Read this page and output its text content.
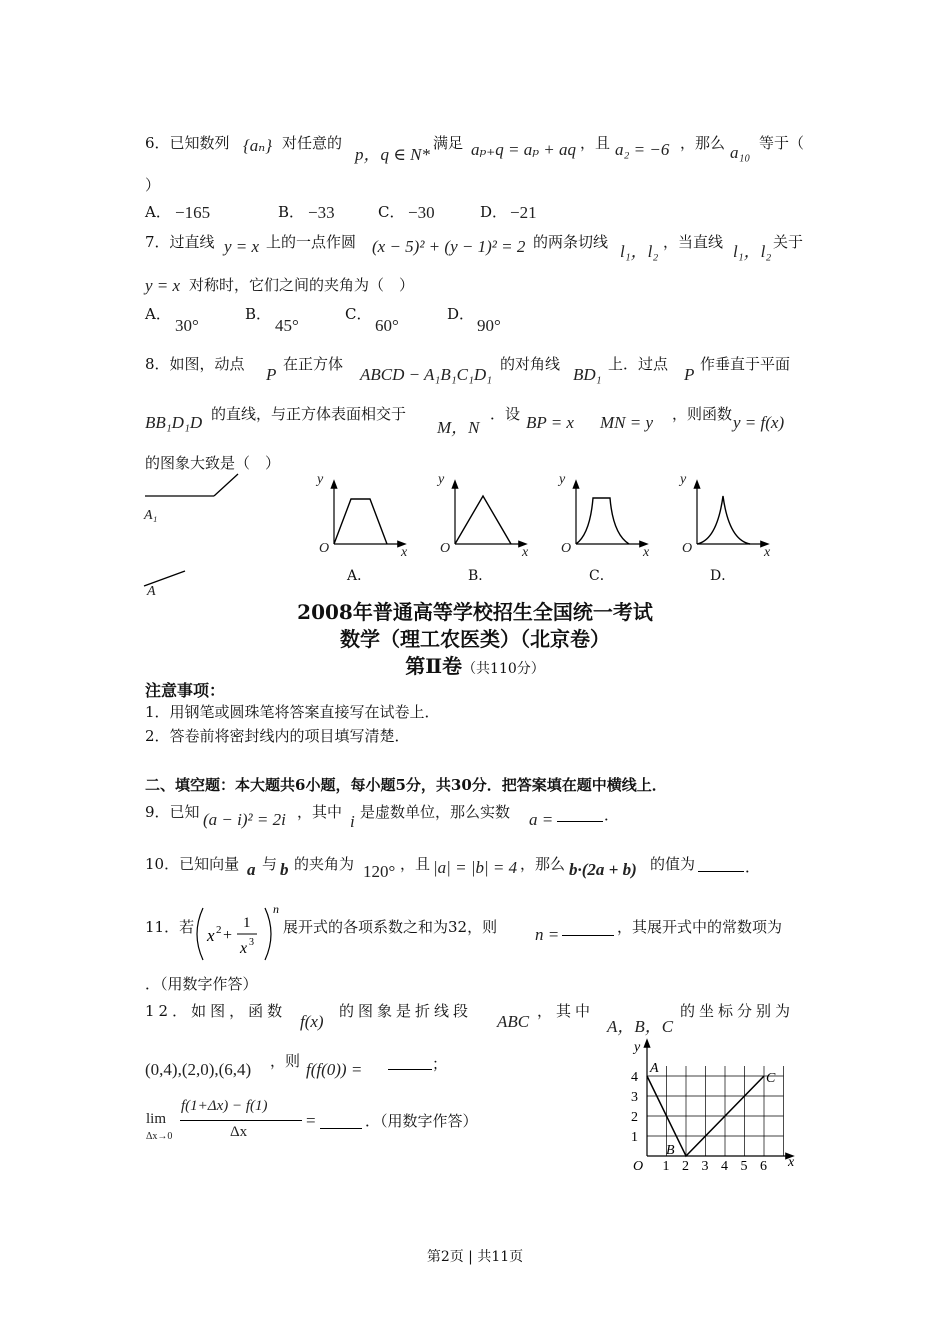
6．已知数列 {aₙ} 对任意的
p，q ∈ N*
满足 aₚ₊q = aₚ + aq ，且 a₂ = −6 ，那么 a₁₀ 等于（
）
A． −165	B． −33	C． −30	D． −21
7．过直线 y = x 上的一点作圆 (x − 5)² + (y − 1)² = 2 的两条切线 l₁，l₂ ，当直线 l₁，l₂ 关于
y = x 对称时，它们之间的夹角为（　）
A．
30°
B．
45°
C．
60°
D．
90°
8．如图，动点
P
在正方体
ABCD − A₁B₁C₁D₁
的对角线
BD₁
上．过点
P
作垂直于平面
BB₁D₁D 的直线，与正方体表面相交于
M，N
．设 BP = x MN = y ，则函数 y = f(x)
的图象大致是（　）
A₁
A
y
O	x
A．
y
O	x
B．
y
O	x
C．
y
O	x
D．
2008年普通高等学校招生全国统一考试
数学（理工农医类）（北京卷）
第Ⅱ卷（共110分）
注意事项：
1．用钢笔或圆珠笔将答案直接写在试卷上．
2．答卷前将密封线内的项目填写清楚．
二、填空题：本大题共6小题，每小题5分，共30分．把答案填在题中横线上．
9．已知 (a − i)² = 2i ，其中 i 是虚数单位，那么实数 a =	．
10．已知向量 a 与 b 的夹角为 120° ，且 |a| = |b| = 4 ，那么 b·(2a + b) 的值为	．
11．若 x 2 +
1
x 3
n
展开式的各项系数之和为32，则 n =	，其展开式中的常数项为
．（用数字作答）
12．如图，函数
f(x)
的图象是折线段
ABC
，其中
A，B，C
的坐标分别为
(0,4),(2,0),(6,4) ，则 f(f(0)) =	；
lim
Δx→0
f(1+Δx) − f(1)
Δx
=	．（用数字作答）
y
x
O
A
B
C
1 2 3 4 5 6
1
2
3
4
第2页 | 共11页
